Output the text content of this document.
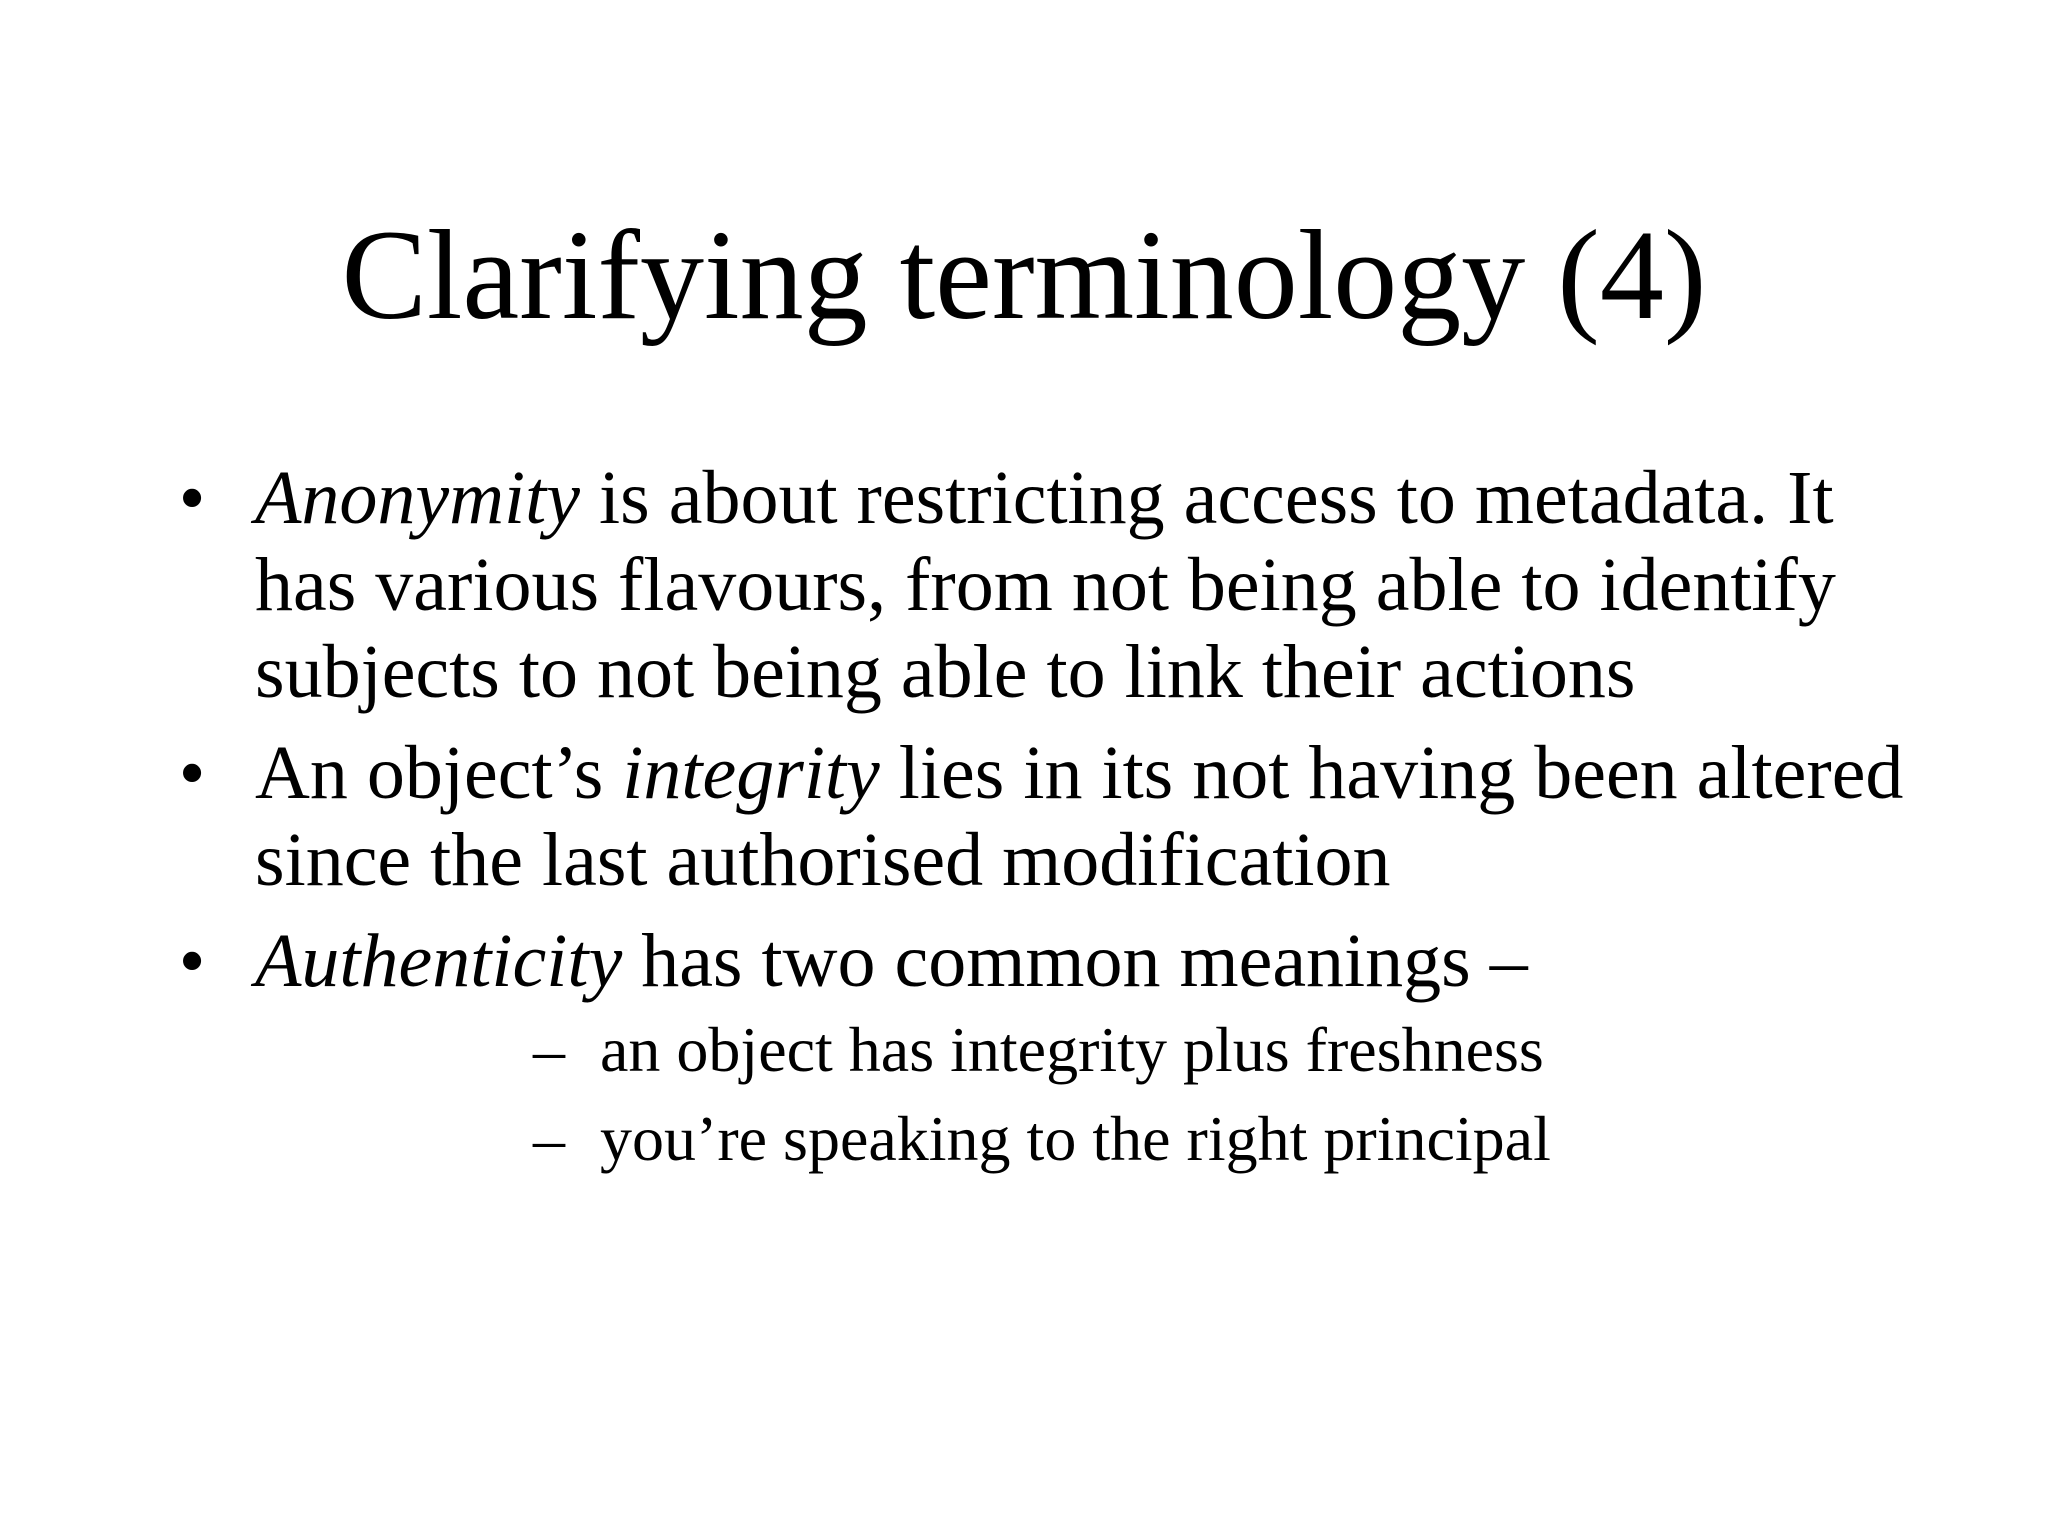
Clarifying terminology (4)
• Anonymity is about restricting access to metadata. It has various flavours, from not being able to identify subjects to not being able to link their actions
• An object’s integrity lies in its not having been altered since the last authorised modification
• Authenticity has two common meanings –
– an object has integrity plus freshness
– you’re speaking to the right principal
